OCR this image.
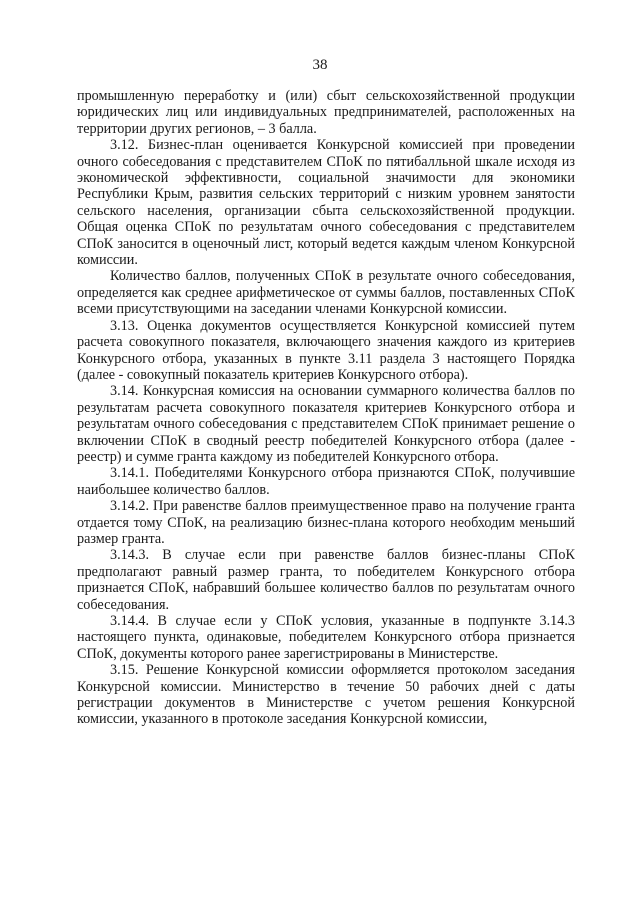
38

промышленную переработку и (или) сбыт сельскохозяйственной продукции юридических лиц или индивидуальных предпринимателей, расположенных на территории других регионов, – 3 балла.

3.12. Бизнес-план оценивается Конкурсной комиссией при проведении очного собеседования с представителем СПоК по пятибалльной шкале исходя из экономической эффективности, социальной значимости для экономики Республики Крым, развития сельских территорий с низким уровнем занятости сельского населения, организации сбыта сельскохозяйственной продукции. Общая оценка СПоК по результатам очного собеседования с представителем СПоК заносится в оценочный лист, который ведется каждым членом Конкурсной комиссии.

Количество баллов, полученных СПоК в результате очного собеседования, определяется как среднее арифметическое от суммы баллов, поставленных СПоК всеми присутствующими на заседании членами Конкурсной комиссии.

3.13. Оценка документов осуществляется Конкурсной комиссией путем расчета совокупного показателя, включающего значения каждого из критериев Конкурсного отбора, указанных в пункте 3.11 раздела 3 настоящего Порядка (далее - совокупный показатель критериев Конкурсного отбора).

3.14. Конкурсная комиссия на основании суммарного количества баллов по результатам расчета совокупного показателя критериев Конкурсного отбора и результатам очного собеседования с представителем СПоК принимает решение о включении СПоК в сводный реестр победителей Конкурсного отбора (далее - реестр) и сумме гранта каждому из победителей Конкурсного отбора.

3.14.1. Победителями Конкурсного отбора признаются СПоК, получившие наибольшее количество баллов.

3.14.2. При равенстве баллов преимущественное право на получение гранта отдается тому СПоК, на реализацию бизнес-плана которого необходим меньший размер гранта.

3.14.3. В случае если при равенстве баллов бизнес-планы СПоК предполагают равный размер гранта, то победителем Конкурсного отбора признается СПоК, набравший большее количество баллов по результатам очного собеседования.

3.14.4. В случае если у СПоК условия, указанные в подпункте 3.14.3 настоящего пункта, одинаковые, победителем Конкурсного отбора признается СПоК, документы которого ранее зарегистрированы в Министерстве.

3.15. Решение Конкурсной комиссии оформляется протоколом заседания Конкурсной комиссии. Министерство в течение 50 рабочих дней с даты регистрации документов в Министерстве с учетом решения Конкурсной комиссии, указанного в протоколе заседания Конкурсной комиссии,
